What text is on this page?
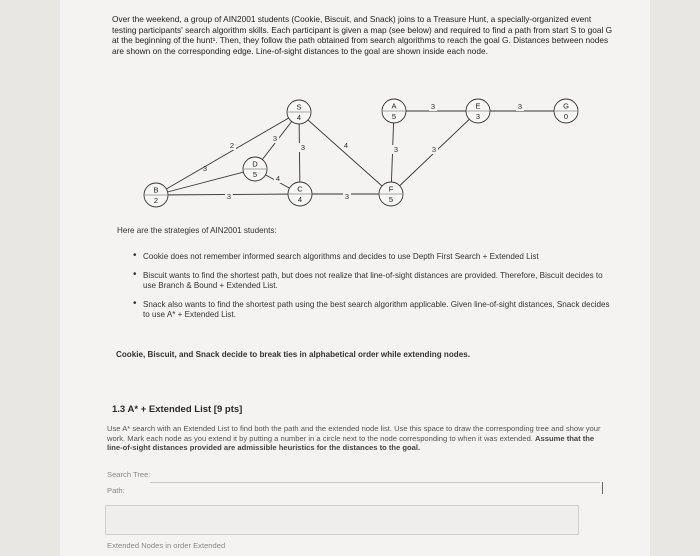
Over the weekend, a group of AIN2001 students (Cookie, Biscuit, and Snack) joins to a Treasure Hunt, a specially-organized event testing participants' search algorithm skills. Each participant is given a map (see below) and required to find a path from start S to goal G at the beginning of the hunt¹. Then, they follow the path obtained from search algorithms to reach the goal G. Distances between nodes are shown on the corresponding edge. Line-of-sight distances to the goal are shown inside each node.
3	3
3
3	4	3	3
3
4
3	3
2
S
4
A
5
E
3
G
0
D
5
B
2
C
4
F
5
Here are the strategies of AIN2001 students:
• Cookie does not remember informed search algorithms and decides to use Depth First Search + Extended List
• Biscuit wants to find the shortest path, but does not realize that line-of-sight distances are provided. Therefore, Biscuit decides to use Branch & Bound + Extended List.
• Snack also wants to find the shortest path using the best search algorithm applicable. Given line-of-sight distances, Snack decides to use A* + Extended List.
Cookie, Biscuit, and Snack decide to break ties in alphabetical order while extending nodes.
1.3 A* + Extended List [9 pts]
Use A* search with an Extended List to find both the path and the extended node list. Use this space to draw the corresponding tree and show your work. Mark each node as you extend it by putting a number in a circle next to the node corresponding to when it was extended. Assume that the line-of-sight distances provided are admissible heuristics for the distances to the goal.
Search Tree:
Path:
Extended Nodes in order Extended
